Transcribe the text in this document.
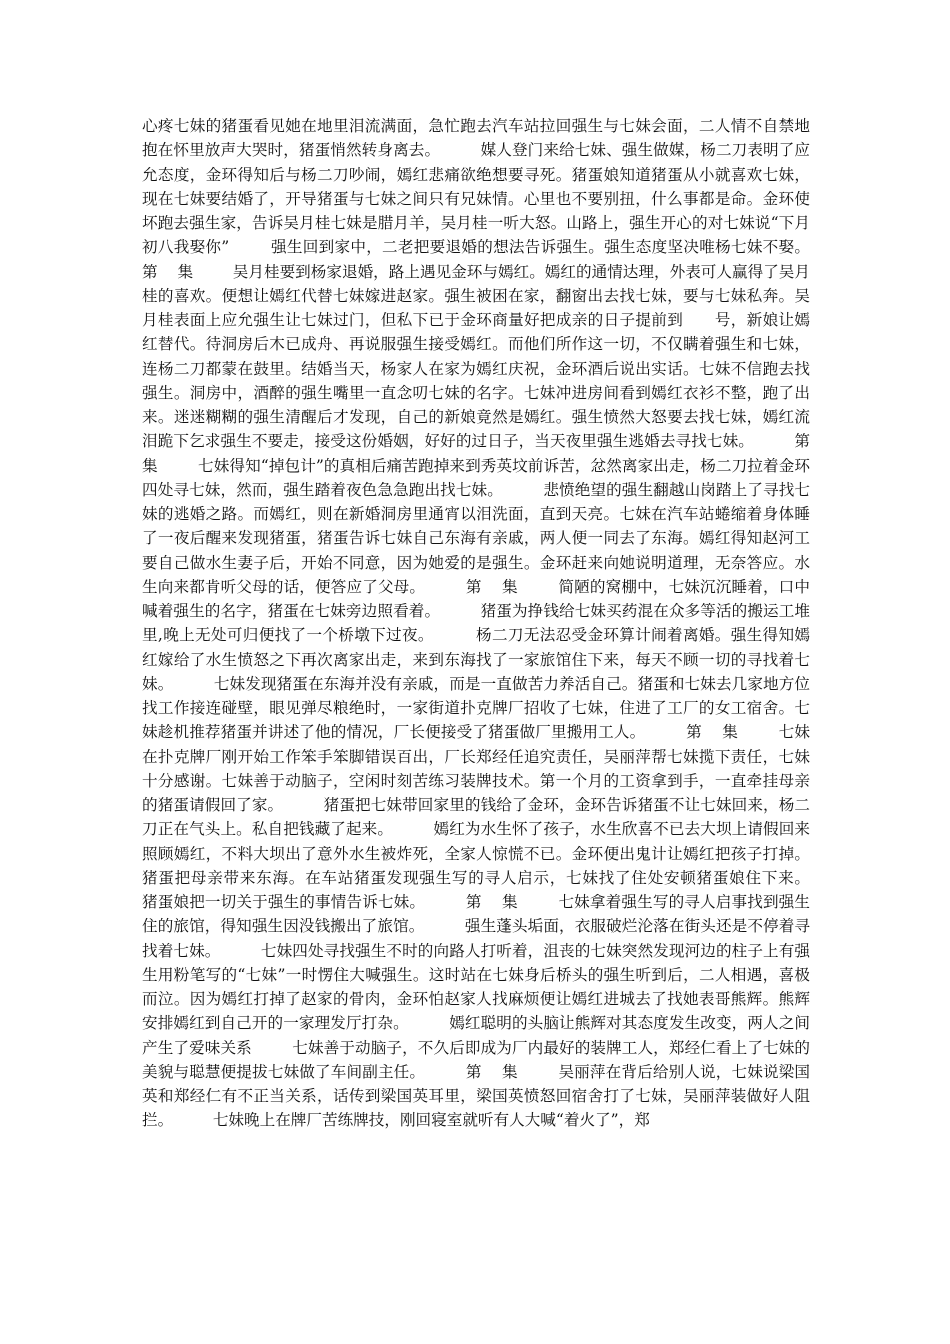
心疼七妹的猪蛋看见她在地里泪流满面，急忙跑去汽车站拉回强生与七妹会面，二人情不自禁地抱在怀里放声大哭时，猪蛋悄然转身离去。        媒人登门来给七妹、强生做媒，杨二刀表明了应允态度，金环得知后与杨二刀吵闹，嫣红悲痛欲绝想要寻死。猪蛋娘知道猪蛋从小就喜欢七妹，现在七妹要结婚了，开导猪蛋与七妹之间只有兄妹情。心里也不要别扭，什么事都是命。金环使坏跑去强生家，告诉吴月桂七妹是腊月羊，吴月桂一听大怒。山路上，强生开心的对七妹说“下月初八我娶你”        强生回到家中，二老把要退婚的想法告诉强生。强生态度坚决唯杨七妹不娶。        第    集        吴月桂要到杨家退婚，路上遇见金环与嫣红。嫣红的通情达理，外表可人赢得了吴月桂的喜欢。便想让嫣红代替七妹嫁进赵家。强生被困在家，翻窗出去找七妹，要与七妹私奔。吴月桂表面上应允强生让七妹过门，但私下已于金环商量好把成亲的日子提前到      号，新娘让嫣红替代。待洞房后木已成舟、再说服强生接受嫣红。而他们所作这一切，不仅瞒着强生和七妹，连杨二刀都蒙在鼓里。结婚当天，杨家人在家为嫣红庆祝，金环酒后说出实话。七妹不信跑去找强生。洞房中，酒醉的强生嘴里一直念叨七妹的名字。七妹冲进房间看到嫣红衣衫不整，跑了出来。迷迷糊糊的强生清醒后才发现，自己的新娘竟然是嫣红。强生愤然大怒要去找七妹，嫣红流泪跪下乞求强生不要走，接受这份婚姻，好好的过日子，当天夜里强生逃婚去寻找七妹。        第    集        七妹得知“掉包计”的真相后痛苦跑掉来到秀英坟前诉苦，忿然离家出走，杨二刀拉着金环四处寻七妹，然而，强生踏着夜色急急跑出找七妹。        悲愤绝望的强生翻越山岗踏上了寻找七妹的逃婚之路。而嫣红，则在新婚洞房里通宵以泪洗面，直到天亮。七妹在汽车站蜷缩着身体睡了一夜后醒来发现猪蛋，猪蛋告诉七妹自己东海有亲戚，两人便一同去了东海。嫣红得知赵河工要自己做水生妻子后，开始不同意，因为她爱的是强生。金环赶来向她说明道理，无奈答应。水生向来都肯听父母的话，便答应了父母。        第    集        简陋的窝棚中，七妹沉沉睡着，口中喊着强生的名字，猪蛋在七妹旁边照看着。        猪蛋为挣钱给七妹买药混在众多等活的搬运工堆里,晚上无处可归便找了一个桥墩下过夜。        杨二刀无法忍受金环算计闹着离婚。强生得知嫣红嫁给了水生愤怒之下再次离家出走，来到东海找了一家旅馆住下来，每天不顾一切的寻找着七妹。        七妹发现猪蛋在东海并没有亲戚，而是一直做苦力养活自己。猪蛋和七妹去几家地方位找工作接连碰壁，眼见弹尽粮绝时，一家街道扑克牌厂招收了七妹，住进了工厂的女工宿舍。七妹趁机推荐猪蛋并讲述了他的情况，厂长便接受了猪蛋做厂里搬用工人。        第    集        七妹在扑克牌厂刚开始工作笨手笨脚错误百出，厂长郑经任追究责任，吴丽萍帮七妹揽下责任，七妹十分感谢。七妹善于动脑子，空闲时刻苦练习装牌技术。第一个月的工资拿到手，一直牵挂母亲的猪蛋请假回了家。        猪蛋把七妹带回家里的钱给了金环，金环告诉猪蛋不让七妹回来，杨二刀正在气头上。私自把钱藏了起来。        嫣红为水生怀了孩子，水生欣喜不已去大坝上请假回来照顾嫣红，不料大坝出了意外水生被炸死，全家人惊慌不已。金环便出鬼计让嫣红把孩子打掉。        猪蛋把母亲带来东海。在车站猪蛋发现强生写的寻人启示，七妹找了住处安顿猪蛋娘住下来。        猪蛋娘把一切关于强生的事情告诉七妹。        第    集        七妹拿着强生写的寻人启事找到强生住的旅馆，得知强生因没钱搬出了旅馆。        强生蓬头垢面，衣服破烂沦落在街头还是不停着寻找着七妹。        七妹四处寻找强生不时的向路人打听着，沮丧的七妹突然发现河边的柱子上有强生用粉笔写的“七妹”一时愣住大喊强生。这时站在七妹身后桥头的强生听到后，二人相遇，喜极而泣。因为嫣红打掉了赵家的骨肉，金环怕赵家人找麻烦便让嫣红进城去了找她表哥熊辉。熊辉安排嫣红到自己开的一家理发厅打杂。        嫣红聪明的头脑让熊辉对其态度发生改变，两人之间产生了爱味关系        七妹善于动脑子，不久后即成为厂内最好的装牌工人，郑经仁看上了七妹的美貌与聪慧便提拔七妹做了车间副主任。        第    集        吴丽萍在背后给别人说，七妹说梁国英和郑经仁有不正当关系，话传到梁国英耳里，梁国英愤怒回宿舍打了七妹，吴丽萍装做好人阻拦。        七妹晚上在牌厂苦练牌技，刚回寝室就听有人大喊“着火了”，郑
